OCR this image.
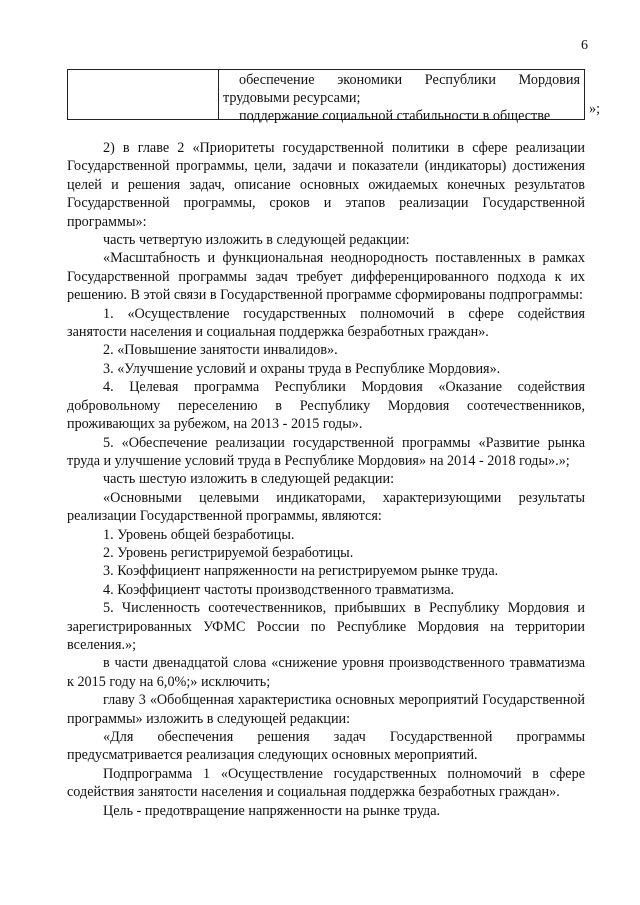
6
обеспечение экономики Республики Мордовия
трудовыми ресурсами;
поддержание социальной стабильности в обществе	»;

2) в главе 2 «Приоритеты государственной политики в сфере реализации Государственной программы, цели, задачи и показатели (индикаторы) достижения целей и решения задач, описание основных ожидаемых конечных результатов Государственной программы, сроков и этапов реализации Государственной программы»:

часть четвертую изложить в следующей редакции:

«Масштабность и функциональная неоднородность поставленных в рамках Государственной программы задач требует дифференцированного подхода к их решению. В этой связи в Государственной программе сформированы подпрограммы:

1. «Осуществление государственных полномочий в сфере содействия занятости населения и социальная поддержка безработных граждан».

2. «Повышение занятости инвалидов».

3. «Улучшение условий и охраны труда в Республике Мордовия».

4. Целевая программа Республики Мордовия «Оказание содействия добровольному переселению в Республику Мордовия соотечественников, проживающих за рубежом, на 2013 - 2015 годы».

5. «Обеспечение реализации государственной программы «Развитие рынка труда и улучшение условий труда в Республике Мордовия» на 2014 - 2018 годы».»;

часть шестую изложить в следующей редакции:

«Основными целевыми индикаторами, характеризующими результаты реализации Государственной программы, являются:

1. Уровень общей безработицы.

2. Уровень регистрируемой безработицы.

3. Коэффициент напряженности на регистрируемом рынке труда.

4. Коэффициент частоты производственного травматизма.

5. Численность соотечественников, прибывших в Республику Мордовия и зарегистрированных УФМС России по Республике Мордовия на территории вселения.»;

в части двенадцатой слова «снижение уровня производственного травматизма к 2015 году на 6,0%;» исключить;

главу 3 «Обобщенная характеристика основных мероприятий Государственной программы» изложить в следующей редакции:

«Для обеспечения решения задач Государственной программы предусматривается реализация следующих основных мероприятий.

Подпрограмма 1 «Осуществление государственных полномочий в сфере содействия занятости населения и социальная поддержка безработных граждан».

Цель - предотвращение напряженности на рынке труда.
